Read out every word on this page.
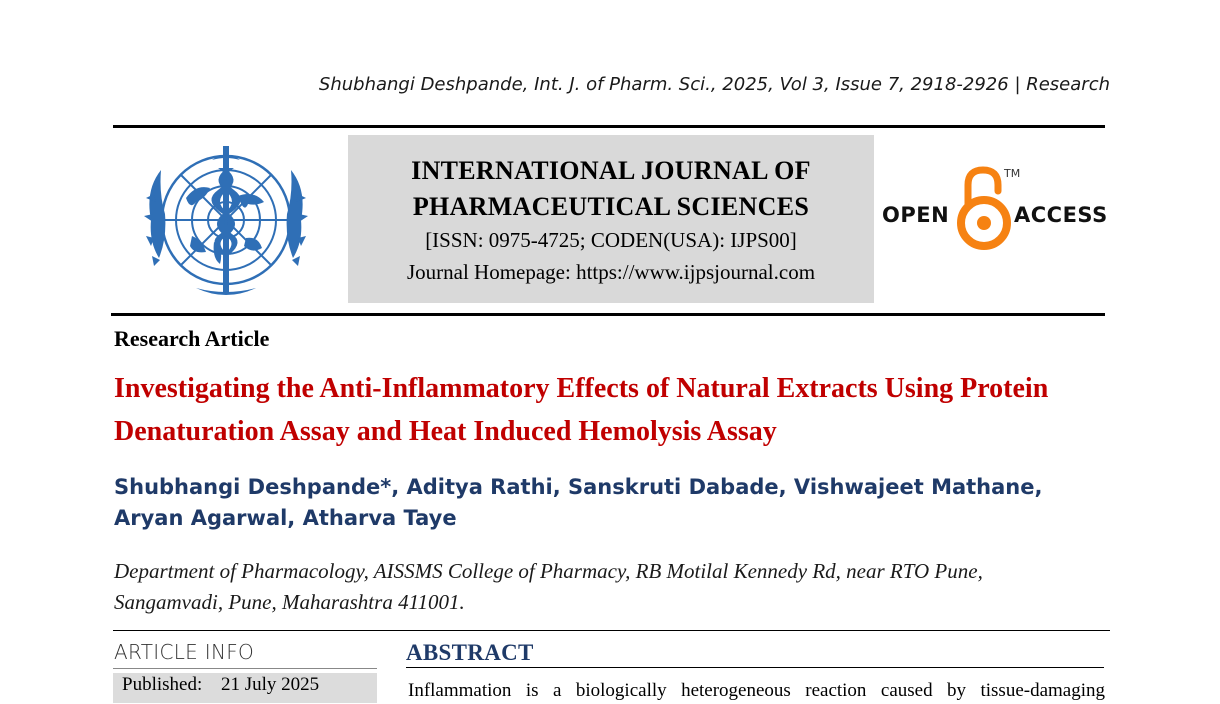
Shubhangi Deshpande, Int. J. of Pharm. Sci., 2025, Vol 3, Issue 7, 2918-2926 | Research
INTERNATIONAL JOURNAL OF
PHARMACEUTICAL SCIENCES
[ISSN: 0975-4725; CODEN(USA): IJPS00]
Journal Homepage: https://www.ijpsjournal.com
OPEN
TM
ACCESS
Research Article
Investigating the Anti-Inflammatory Effects of Natural Extracts Using Protein Denaturation Assay and Heat Induced Hemolysis Assay
Shubhangi Deshpande*, Aditya Rathi, Sanskruti Dabade, Vishwajeet Mathane, Aryan Agarwal, Atharva Taye
Department of Pharmacology, AISSMS College of Pharmacy, RB Motilal Kennedy Rd, near RTO Pune, Sangamvadi, Pune, Maharashtra 411001.
ARTICLE INFO
Published: 21 July 2025
ABSTRACT
Inflammation is a biologically heterogeneous reaction caused by tissue-damaging
